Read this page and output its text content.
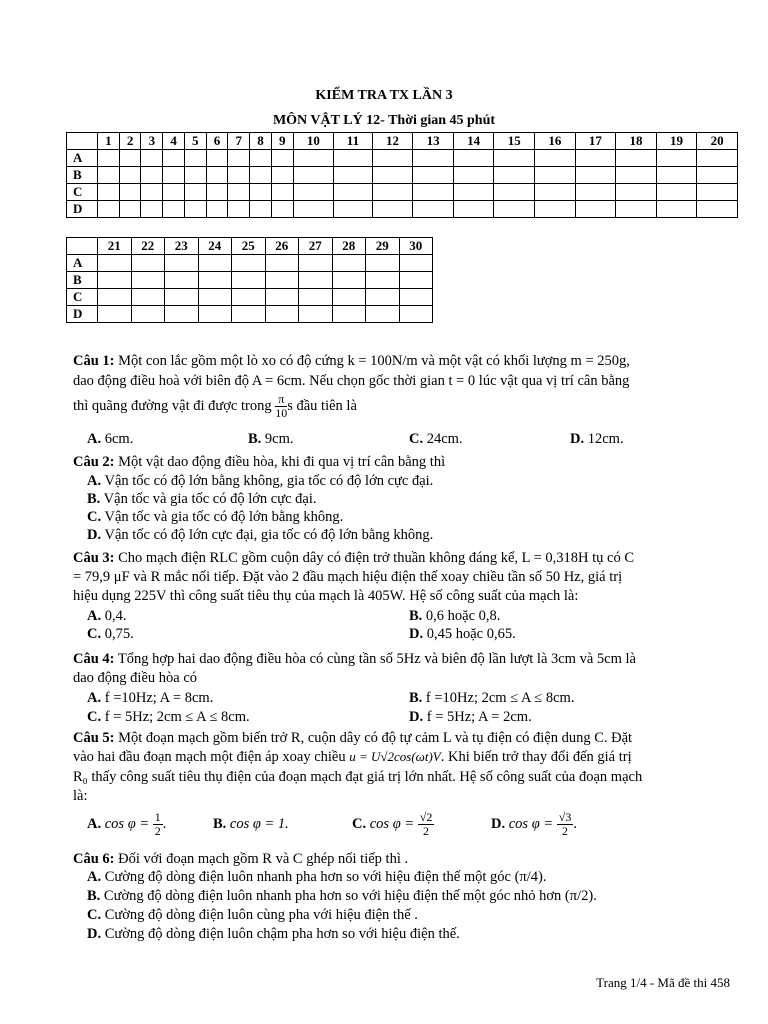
KIỂM TRA TX LẦN 3
MÔN VẬT LÝ 12- Thời gian 45 phút
	1	2	3	4	5	6	7	8	9	10	11	12	13	14	15	16	17	18	19	20
A																				
B																				
C																				
D																				
	21	22	23	24	25	26	27	28	29	30
A										
B										
C										
D										
Câu 1: Một con lắc gồm một lò xo có độ cứng k = 100N/m và một vật có khối lượng m = 250g,
dao động điều hoà với biên độ A = 6cm. Nếu chọn gốc thời gian t = 0 lúc vật qua vị trí cân bằng
thì quãng đường vật đi được trong $\frac{\pi}{10}$ s đầu tiên là
A. 6cm.	B. 9cm.	C. 24cm.	D. 12cm.
Câu 2: Một vật dao động điều hòa, khi đi qua vị trí cân bằng thì
A. Vận tốc có độ lớn bằng không, gia tốc có độ lớn cực đại.
B. Vận tốc và gia tốc có độ lớn cực đại.
C. Vận tốc và gia tốc có độ lớn bằng không.
D. Vận tốc có độ lớn cực đại, gia tốc có độ lớn bằng không.
Câu 3: Cho mạch điện RLC gồm cuộn dây có điện trở thuần không đáng kể, L = 0,318H tụ có C
= 79,9 μF và R mắc nối tiếp. Đặt vào 2 đầu mạch hiệu điện thế xoay chiều tần số 50 Hz, giá trị
hiệu dụng 225V thì công suất tiêu thụ của mạch là 405W. Hệ số công suất của mạch là:
A. 0,4.	B. 0,6 hoặc 0,8.
C. 0,75.	D. 0,45 hoặc 0,65.
Câu 4: Tổng hợp hai dao động điều hòa có cùng tần số 5Hz và biên độ lần lượt là 3cm và 5cm là
dao động điều hòa có
A. f =10Hz; A = 8cm.	B. f =10Hz; 2cm ≤ A ≤ 8cm.
C. f = 5Hz; 2cm ≤ A ≤ 8cm.	D. f = 5Hz; A = 2cm.
Câu 5: Một đoạn mạch gồm biến trở R, cuộn dây có độ tự cảm L và tụ điện có điện dung C. Đặt
vào hai đầu đoạn mạch một điện áp xoay chiều u = U√2cos(ωt)V. Khi biến trở thay đổi đến giá trị
R₀ thấy công suất tiêu thụ điện của đoạn mạch đạt giá trị lớn nhất. Hệ số công suất của đoạn mạch
là:
A. $\cos \varphi = \frac{1}{2}$ .	B. cos φ = 1.	C. $\cos \varphi = \frac{√2}{2}$	D. $\cos \varphi = \frac{√3}{2}$ .
Câu 6: Đối với đoạn mạch gồm R và C ghép nối tiếp thì .
A. Cường độ dòng điện luôn nhanh pha hơn so với hiệu điện thế một góc (π/4).
B. Cường độ dòng điện luôn nhanh pha hơn so với hiệu điện thế một góc nhỏ hơn (π/2).
C. Cường độ dòng điện luôn cùng pha với hiệu điện thế .
D. Cường độ dòng điện luôn chậm pha hơn so với hiệu điện thế.
Trang 1/4 - Mã đề thi 458
